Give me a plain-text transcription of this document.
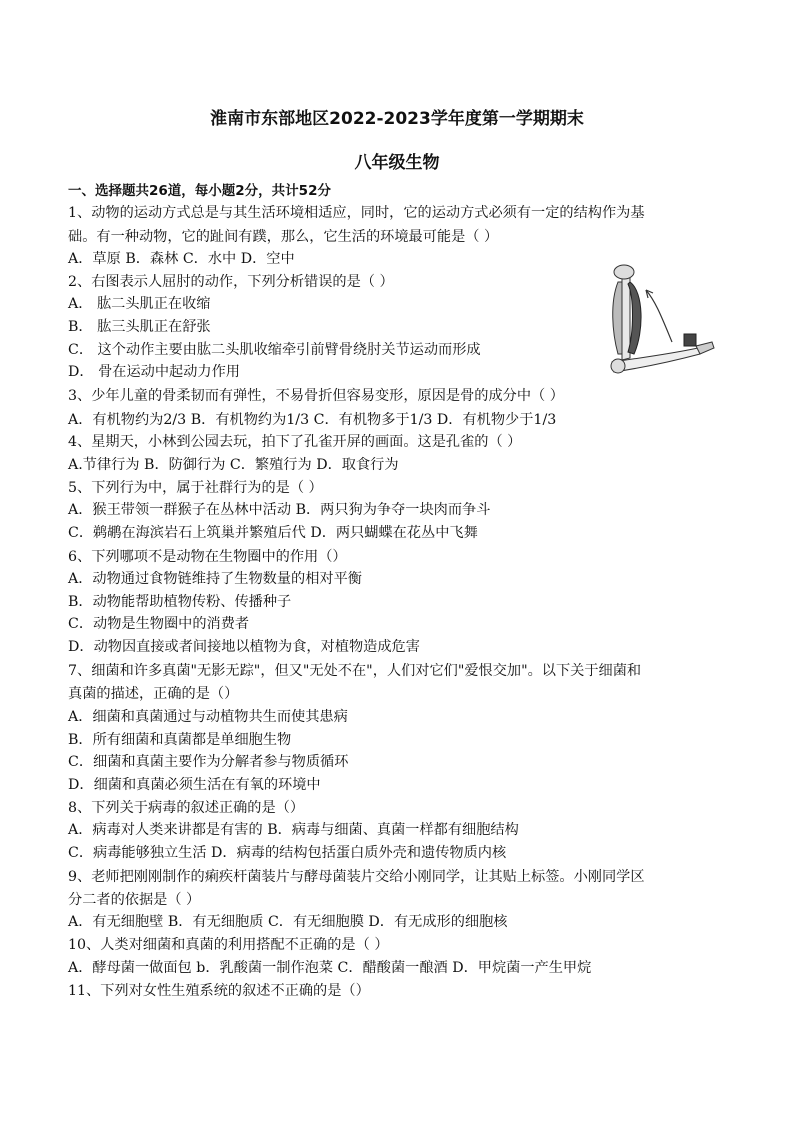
淮南市东部地区2022-2023学年度第一学期期末
八年级生物
一、选择题共26道，每小题2分，共计52分
1、动物的运动方式总是与其生活环境相适应，同时，它的运动方式必须有一定的结构作为基
础。有一种动物，它的趾间有蹼，那么，它生活的环境最可能是（ ）
A．草原 B．森林 C．水中 D．空中
2、右图表示人屈肘的动作，下列分析错误的是（ ）
A． 肱二头肌正在收缩
B． 肱三头肌正在舒张
C． 这个动作主要由肱二头肌收缩牵引前臂骨绕肘关节运动而形成
D． 骨在运动中起动力作用
3、少年儿童的骨柔韧而有弹性，不易骨折但容易变形，原因是骨的成分中（ ）
A．有机物约为2/3 B．有机物约为1/3 C．有机物多于1/3 D．有机物少于1/3
4、星期天，小林到公园去玩，拍下了孔雀开屏的画面。这是孔雀的（ ）
A.节律行为 B．防御行为 C．繁殖行为 D．取食行为
5、下列行为中，属于社群行为的是（ ）
A．猴王带领一群猴子在丛林中活动 B．两只狗为争夺一块肉而争斗
C．鹈鹕在海滨岩石上筑巢并繁殖后代 D．两只蝴蝶在花丛中飞舞
6、下列哪项不是动物在生物圈中的作用（）
A．动物通过食物链维持了生物数量的相对平衡
B．动物能帮助植物传粉、传播种子
C．动物是生物圈中的消费者
D．动物因直接或者间接地以植物为食，对植物造成危害
7、细菌和许多真菌"无影无踪"，但又"无处不在"，人们对它们"爱恨交加"。以下关于细菌和
真菌的描述，正确的是（）
A．细菌和真菌通过与动植物共生而使其患病
B．所有细菌和真菌都是单细胞生物
C．细菌和真菌主要作为分解者参与物质循环
D．细菌和真菌必须生活在有氧的环境中
8、下列关于病毒的叙述正确的是（）
A．病毒对人类来讲都是有害的 B．病毒与细菌、真菌一样都有细胞结构
C．病毒能够独立生活 D．病毒的结构包括蛋白质外壳和遗传物质内核
9、老师把刚刚制作的痢疾杆菌装片与酵母菌装片交给小刚同学，让其贴上标签。小刚同学区
分二者的依据是（ ）
A．有无细胞壁 B．有无细胞质 C．有无细胞膜 D．有无成形的细胞核
10、人类对细菌和真菌的利用搭配不正确的是（ ）
A．酵母菌一做面包 b．乳酸菌一制作泡菜 C．醋酸菌一酿酒 D．甲烷菌一产生甲烷
11、下列对女性生殖系统的叙述不正确的是（）
